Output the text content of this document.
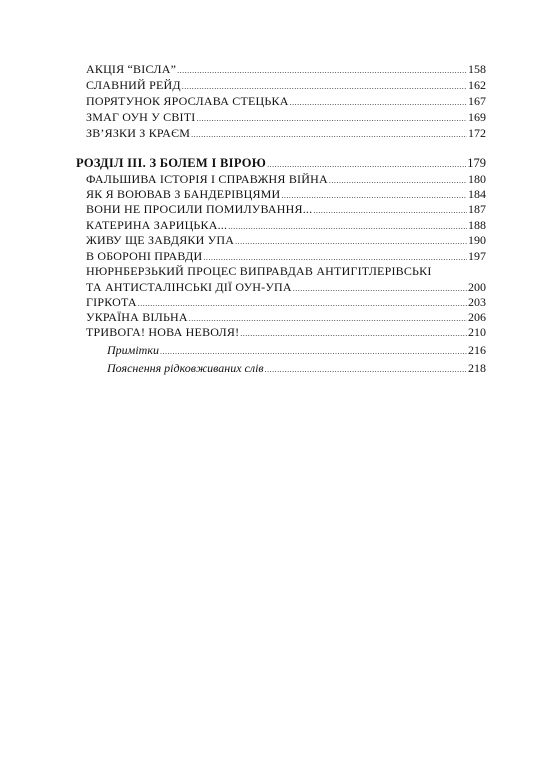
АКЦІЯ “ВІСЛА” .....	158
СЛАВНИЙ РЕЙД .....	162
ПОРЯТУНОК ЯРОСЛАВА СТЕЦЬКА .....	167
ЗМАГ ОУН У СВІТІ .....	169
ЗВ’ЯЗКИ З КРАЄМ .....	172
РОЗДІЛ ІІІ. З БОЛЕМ І ВІРОЮ .....	179
ФАЛЬШИВА ІСТОРІЯ І СПРАВЖНЯ ВІЙНА .....	180
ЯК Я ВОЮВАВ З БАНДЕРІВЦЯМИ .....	184
ВОНИ НЕ ПРОСИЛИ ПОМИЛУВАННЯ... .....	187
КАТЕРИНА ЗАРИЦЬКА... .....	188
ЖИВУ ЩЕ ЗАВДЯКИ УПА .....	190
В ОБОРОНІ ПРАВДИ .....	197
НЮРНБЕРЗЬКИЙ ПРОЦЕС ВИПРАВДАВ АНТИГІТЛЕРІВСЬКІ
ТА АНТИСТАЛІНСЬКІ ДІЇ ОУН-УПА .....	200
ГІРКОТА .....	203
УКРАЇНА ВІЛЬНА .....	206
ТРИВОГА! НОВА НЕВОЛЯ! .....	210
Примітки .....	216
Пояснення рідковживаних слів .....	218
